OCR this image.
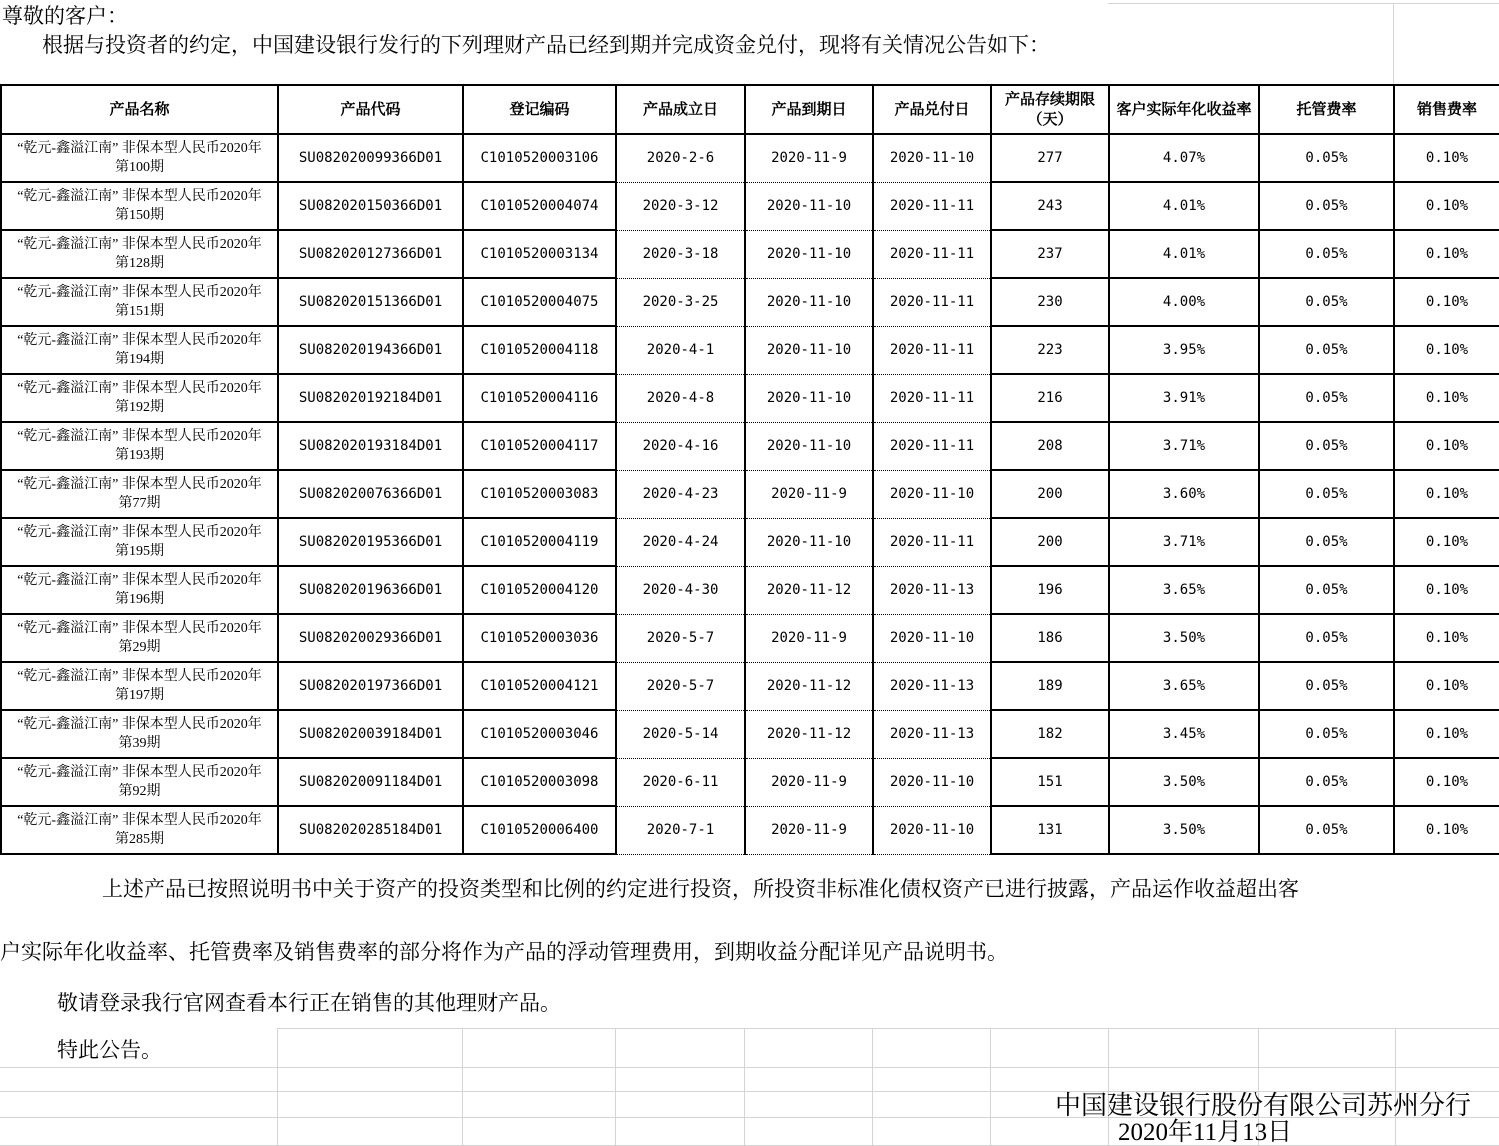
尊敬的客户：
根据与投资者的约定，中国建设银行发行的下列理财产品已经到期并完成资金兑付，现将有关情况公告如下：
产品名称	产品代码	登记编码	产品成立日	产品到期日	产品兑付日	产品存续期限（天）	客户实际年化收益率	托管费率	销售费率
“乾元-鑫溢江南” 非保本型人民币2020年第100期	SU082020099366D01	C1010520003106	2020-2-6	2020-11-9	2020-11-10	277	4.07%	0.05%	0.10%
“乾元-鑫溢江南” 非保本型人民币2020年第150期	SU082020150366D01	C1010520004074	2020-3-12	2020-11-10	2020-11-11	243	4.01%	0.05%	0.10%
“乾元-鑫溢江南” 非保本型人民币2020年第128期	SU082020127366D01	C1010520003134	2020-3-18	2020-11-10	2020-11-11	237	4.01%	0.05%	0.10%
“乾元-鑫溢江南” 非保本型人民币2020年第151期	SU082020151366D01	C1010520004075	2020-3-25	2020-11-10	2020-11-11	230	4.00%	0.05%	0.10%
“乾元-鑫溢江南” 非保本型人民币2020年第194期	SU082020194366D01	C1010520004118	2020-4-1	2020-11-10	2020-11-11	223	3.95%	0.05%	0.10%
“乾元-鑫溢江南” 非保本型人民币2020年第192期	SU082020192184D01	C1010520004116	2020-4-8	2020-11-10	2020-11-11	216	3.91%	0.05%	0.10%
“乾元-鑫溢江南” 非保本型人民币2020年第193期	SU082020193184D01	C1010520004117	2020-4-16	2020-11-10	2020-11-11	208	3.71%	0.05%	0.10%
“乾元-鑫溢江南” 非保本型人民币2020年第77期	SU082020076366D01	C1010520003083	2020-4-23	2020-11-9	2020-11-10	200	3.60%	0.05%	0.10%
“乾元-鑫溢江南” 非保本型人民币2020年第195期	SU082020195366D01	C1010520004119	2020-4-24	2020-11-10	2020-11-11	200	3.71%	0.05%	0.10%
“乾元-鑫溢江南” 非保本型人民币2020年第196期	SU082020196366D01	C1010520004120	2020-4-30	2020-11-12	2020-11-13	196	3.65%	0.05%	0.10%
“乾元-鑫溢江南” 非保本型人民币2020年第29期	SU082020029366D01	C1010520003036	2020-5-7	2020-11-9	2020-11-10	186	3.50%	0.05%	0.10%
“乾元-鑫溢江南” 非保本型人民币2020年第197期	SU082020197366D01	C1010520004121	2020-5-7	2020-11-12	2020-11-13	189	3.65%	0.05%	0.10%
“乾元-鑫溢江南” 非保本型人民币2020年第39期	SU082020039184D01	C1010520003046	2020-5-14	2020-11-12	2020-11-13	182	3.45%	0.05%	0.10%
“乾元-鑫溢江南” 非保本型人民币2020年第92期	SU082020091184D01	C1010520003098	2020-6-11	2020-11-9	2020-11-10	151	3.50%	0.05%	0.10%
“乾元-鑫溢江南” 非保本型人民币2020年第285期	SU082020285184D01	C1010520006400	2020-7-1	2020-11-9	2020-11-10	131	3.50%	0.05%	0.10%
上述产品已按照说明书中关于资产的投资类型和比例的约定进行投资，所投资非标准化债权资产已进行披露，产品运作收益超出客
户实际年化收益率、托管费率及销售费率的部分将作为产品的浮动管理费用，到期收益分配详见产品说明书。
敬请登录我行官网查看本行正在销售的其他理财产品。
特此公告。
中国建设银行股份有限公司苏州分行
2020年11月13日
